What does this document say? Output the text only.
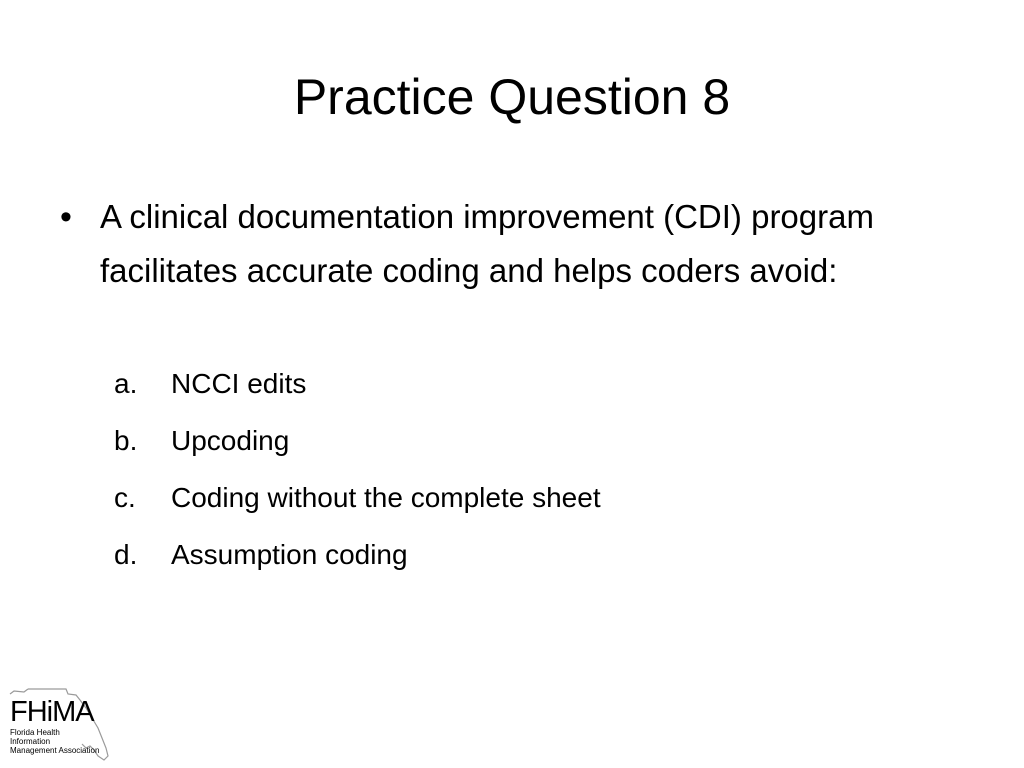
Practice Question 8
• A clinical documentation improvement (CDI) program facilitates accurate coding and helps coders avoid:
a. NCCI edits
b. Upcoding
c. Coding without the complete sheet
d. Assumption coding
FHiMA
Florida Health Information
Management Association
